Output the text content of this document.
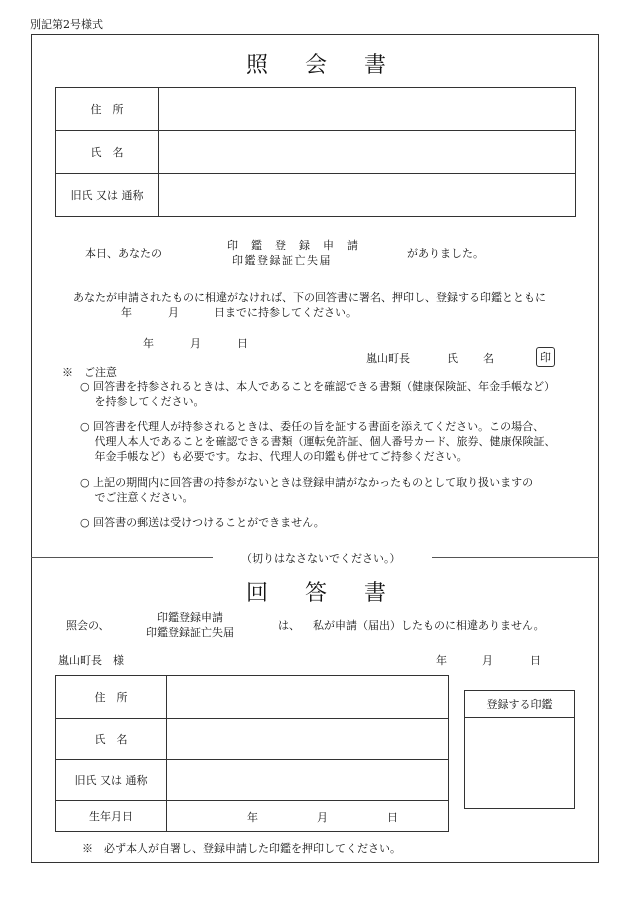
別記第2号様式
照 会 書
住　所	
氏　名	
旧氏 又は 通称	
本日、あなたの
印　鑑　登　録　申　請
印鑑登録証亡失届
がありました。
あなたが申請されたものに相違がなければ、下の回答書に署名、押印し、登録する印鑑とともに
年	月	日までに持参してください。
年	月	日
嵐山町長	氏 名	印
※　ご注意
○ 回答書を持参されるときは、本人であることを確認できる書類（健康保険証、年金手帳など）
　 を持参してください。
○ 回答書を代理人が持参されるときは、委任の旨を証する書面を添えてください。この場合、
　 代理人本人であることを確認できる書類（運転免許証、個人番号カード、旅券、健康保険証、
　 年金手帳など）も必要です。なお、代理人の印鑑も併せてご持参ください。
○ 上記の期間内に回答書の持参がないときは登録申請がなかったものとして取り扱いますの
　 でご注意ください。
○ 回答書の郵送は受けつけることができません。
（切りはなさないでください。）
回 答 書
照会の、
印鑑登録申請
印鑑登録証亡失届
は、 私が申請（届出）したものに相違ありません。
嵐山町長　様	年	月	日
住　所	
氏　名	
旧氏 又は 通称	
生年月日	年 月 日
登録する印鑑
※　必ず本人が自署し、登録申請した印鑑を押印してください。
